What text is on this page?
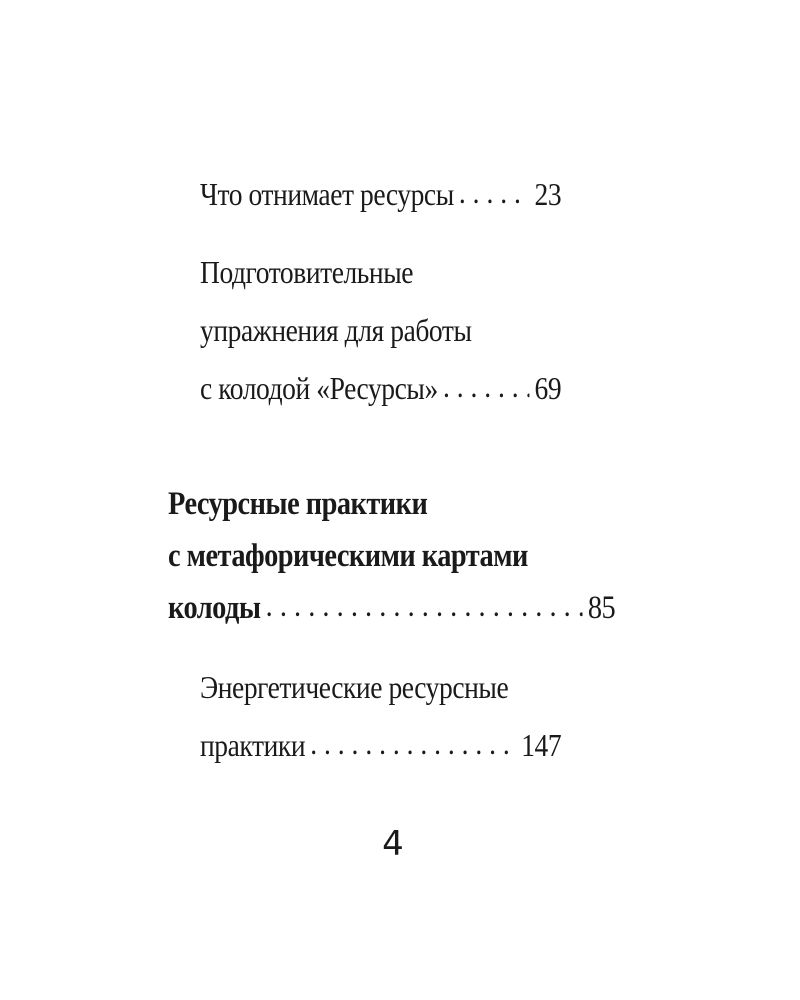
Что отнимает ресурсы . . .	23
Подготовительные
упражнения для работы
с колодой «Ресурсы» . . .	69
Ресурсные практики
с метафорическими картами
колоды . . .	85
Энергетические ресурсные
практики . . .	147
4
